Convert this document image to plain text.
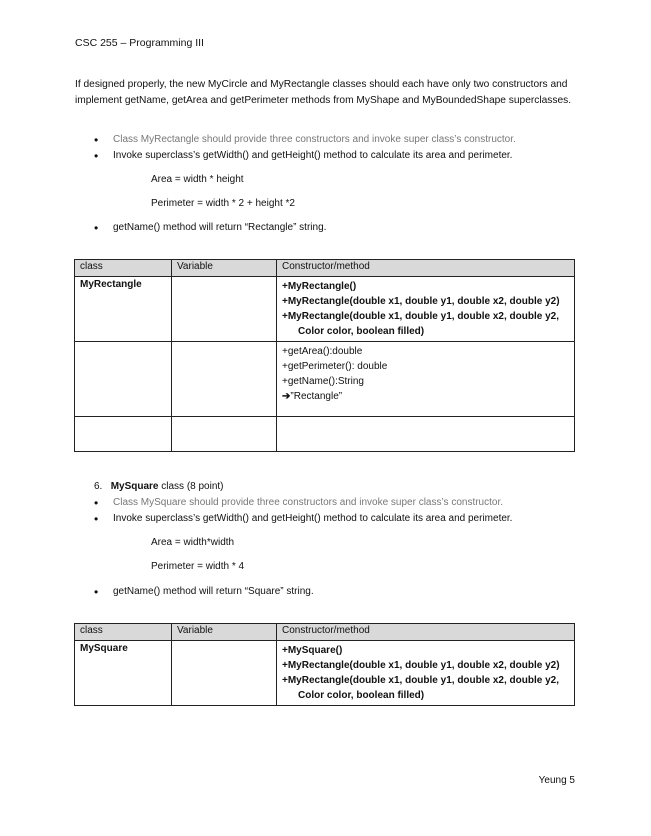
CSC 255 – Programming III
If designed properly, the new MyCircle and MyRectangle classes should each have only two constructors and implement getName, getArea and getPerimeter methods from MyShape and MyBoundedShape superclasses.
• Class MyRectangle should provide three constructors and invoke super class’s constructor.
• Invoke superclass’s getWidth() and getHeight() method to calculate its area and perimeter.
Area = width * height
Perimeter = width * 2 + height *2
• getName() method will return “Rectangle” string.
class	Variable	Constructor/method
MyRectangle		+MyRectangle()
+MyRectangle(double x1, double y1, double x2, double y2)
+MyRectangle(double x1, double y1, double x2, double y2,
Color color, boolean filled)

		+getArea():double
+getPerimeter(): double
+getName():String
➔”Rectangle”

6. MySquare class (8 point)
• Class MySquare should provide three constructors and invoke super class’s constructor.
• Invoke superclass’s getWidth() and getHeight() method to calculate its area and perimeter.
Area = width*width
Perimeter = width * 4
• getName() method will return “Square” string.
class	Variable	Constructor/method
MySquare		+MySquare()
+MyRectangle(double x1, double y1, double x2, double y2)
+MyRectangle(double x1, double y1, double x2, double y2,
Color color, boolean filled)
Yeung 5
